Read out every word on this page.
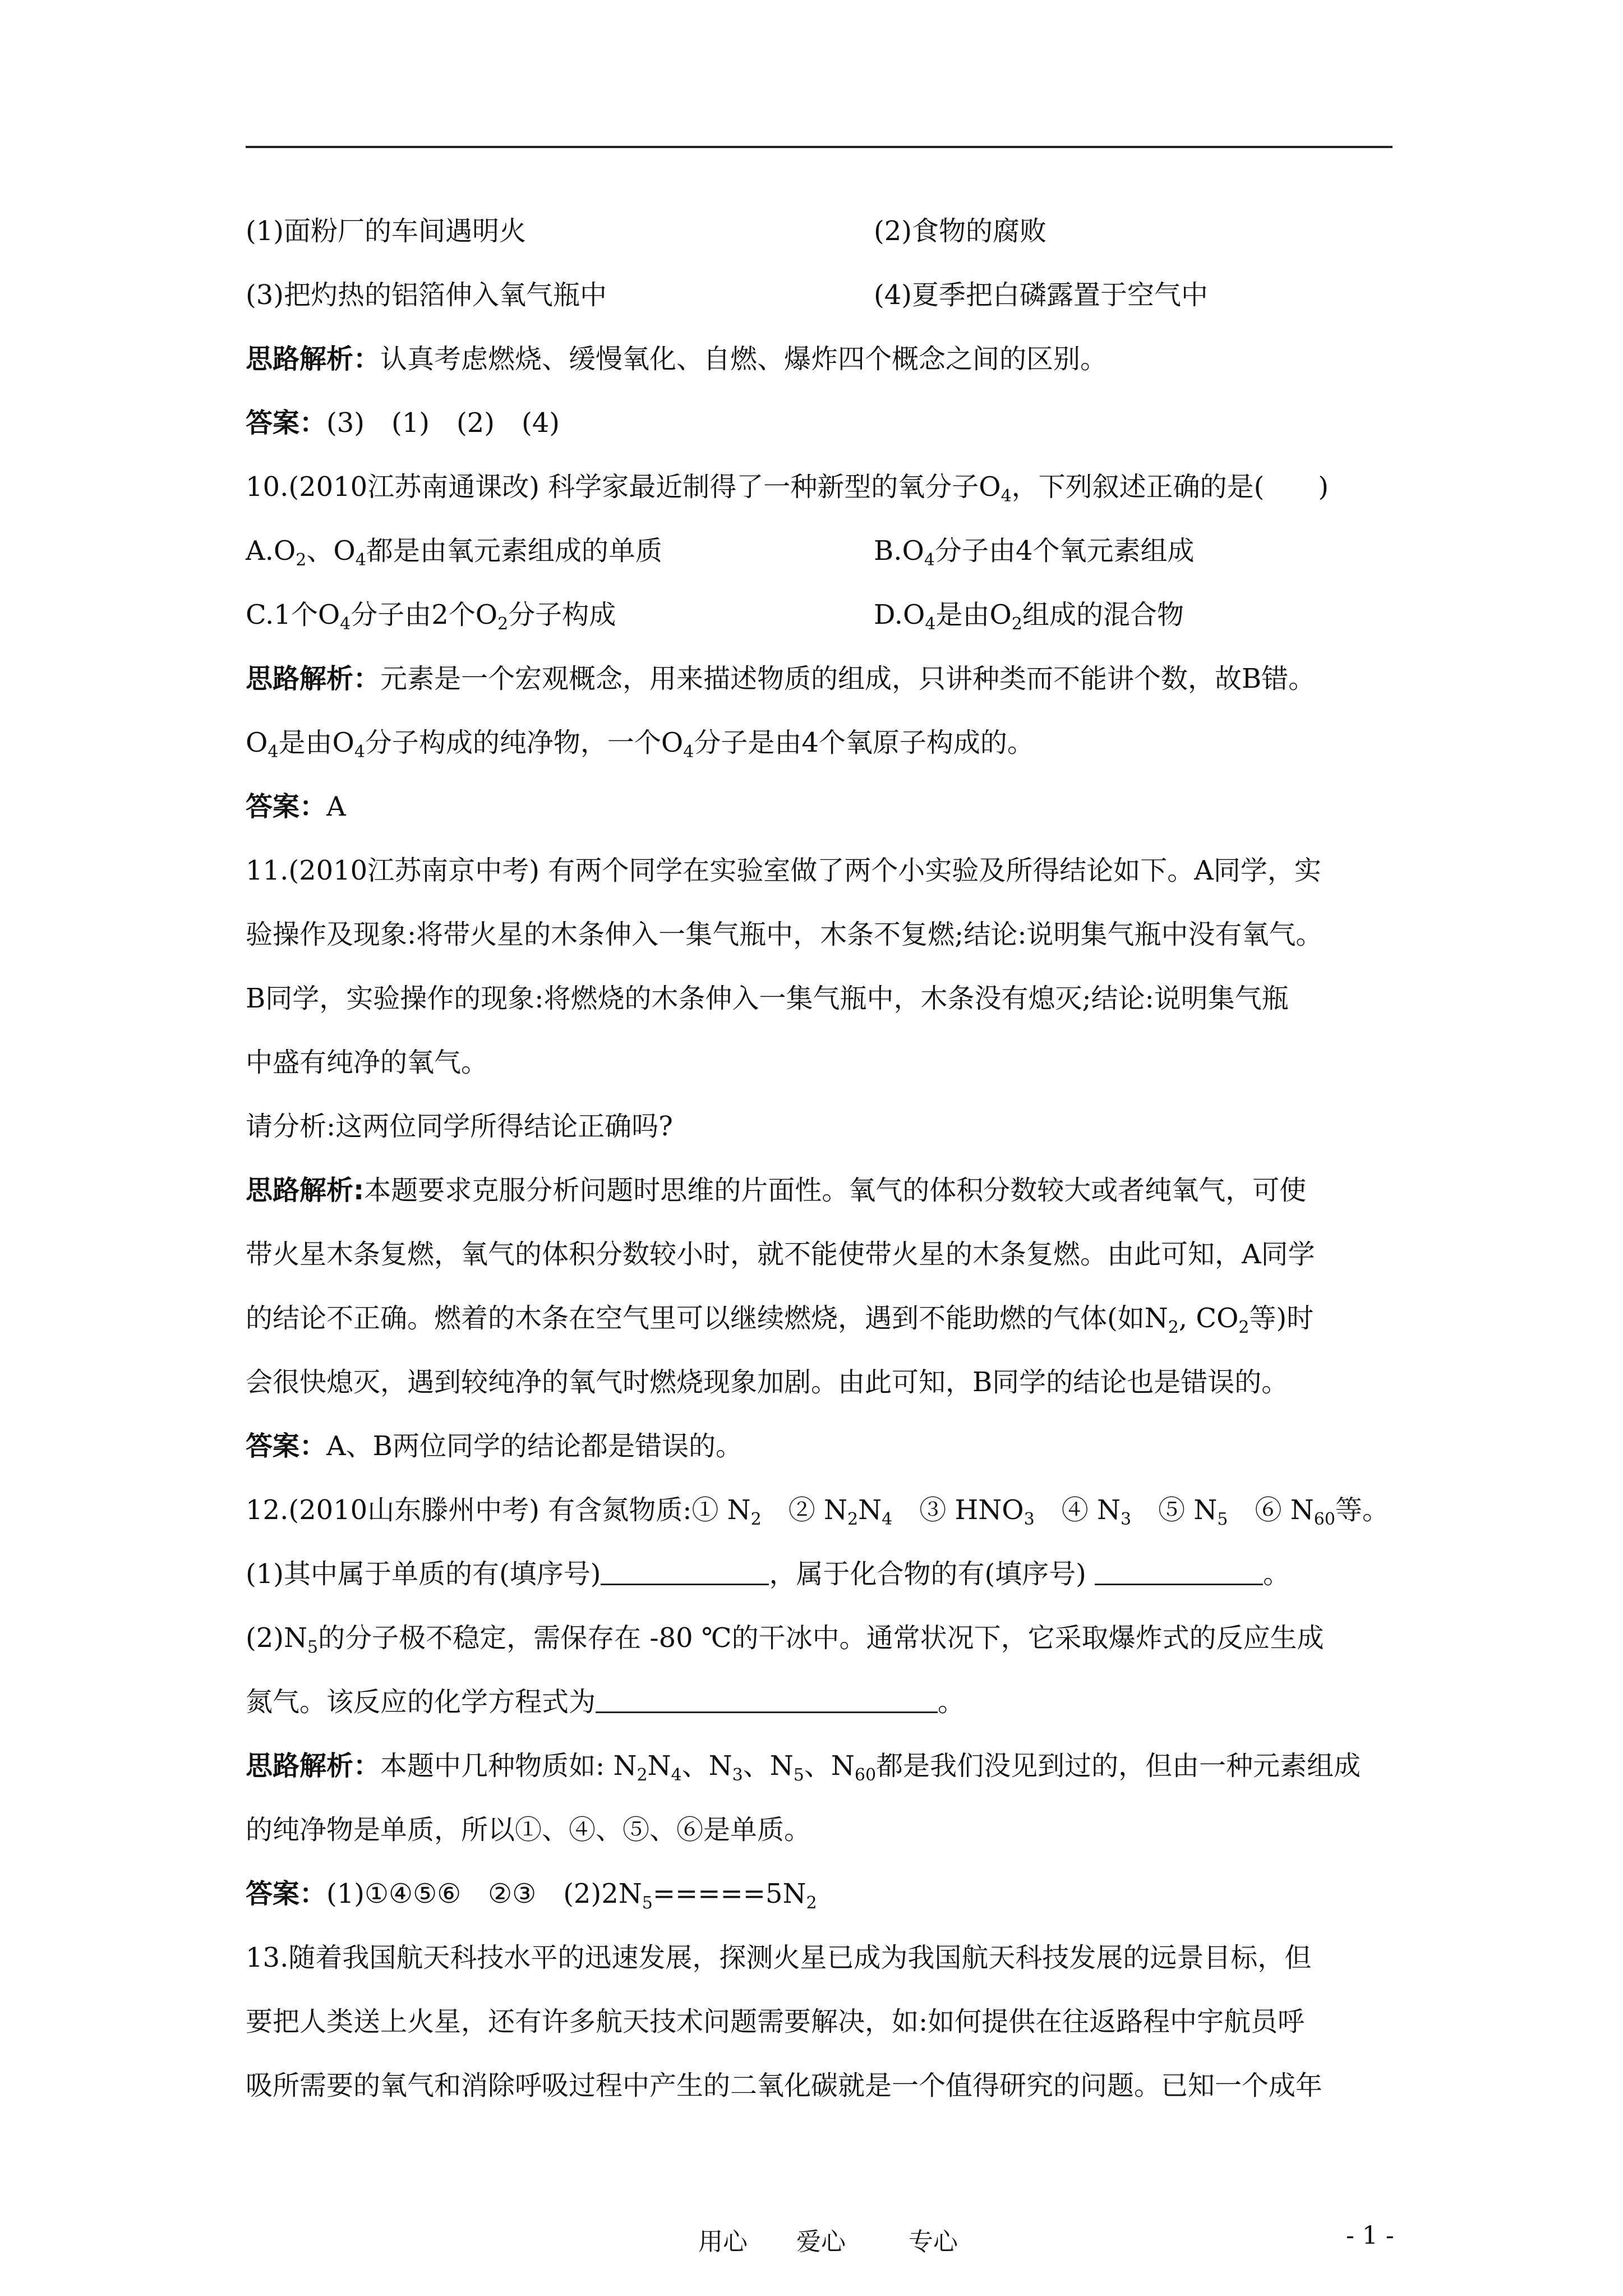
(1)面粉厂的车间遇明火	(2)食物的腐败
(3)把灼热的铝箔伸入氧气瓶中	(4)夏季把白磷露置于空气中
思路解析：认真考虑燃烧、缓慢氧化、自燃、爆炸四个概念之间的区别。
答案：(3)　(1)　(2)　(4)
10.(2010江苏南通课改) 科学家最近制得了一种新型的氧分子$O_4$，下列叙述正确的是(　　)
$A.O_2$、$O_4$都是由氧元素组成的单质	$B.O_4$分子由4个氧元素组成
C.1个$O_4$分子由2个$O_2$分子构成	$D.O_4$是由$O_2$组成的混合物
思路解析：元素是一个宏观概念，用来描述物质的组成，只讲种类而不能讲个数，故B错。
$O_4$是由$O_4$分子构成的纯净物，一个$O_4$分子是由4个氧原子构成的。
答案：A
11.(2010江苏南京中考) 有两个同学在实验室做了两个小实验及所得结论如下。A同学，实
验操作及现象:将带火星的木条伸入一集气瓶中，木条不复燃;结论:说明集气瓶中没有氧气。
B同学，实验操作的现象:将燃烧的木条伸入一集气瓶中，木条没有熄灭;结论:说明集气瓶
中盛有纯净的氧气。
请分析:这两位同学所得结论正确吗?
思路解析:本题要求克服分析问题时思维的片面性。氧气的体积分数较大或者纯氧气，可使
带火星木条复燃，氧气的体积分数较小时，就不能使带火星的木条复燃。由此可知，A同学
的结论不正确。燃着的木条在空气里可以继续燃烧，遇到不能助燃的气体(如$N_2$, $CO_2$等)时
会很快熄灭，遇到较纯净的氧气时燃烧现象加剧。由此可知，B同学的结论也是错误的。
答案：A、B两位同学的结论都是错误的。
12.(2010山东滕州中考) 有含氮物质:① $N_2$　② $N_2N_4$　③ $HNO_3$　④ $N_3$　⑤ $N_5$　⑥ $N_{60}$等。
(1)其中属于单质的有(填序号)	，属于化合物的有(填序号)	。
$(2)N_5$的分子极不稳定，需保存在 -80 ℃的干冰中。通常状况下，它采取爆炸式的反应生成
氮气。该反应的化学方程式为	。
思路解析：本题中几种物质如: $N_2N_4$、$N_3$、$N_5$、$N_{60}$都是我们没见到过的，但由一种元素组成
的纯净物是单质，所以①、④、⑤、⑥是单质。
答案：(1)①④⑤⑥　②③　$(2)2N_5=====5N_2$
13.随着我国航天科技水平的迅速发展，探测火星已成为我国航天科技发展的远景目标，但
要把人类送上火星，还有许多航天技术问题需要解决，如:如何提供在往返路程中宇航员呼
吸所需要的氧气和消除呼吸过程中产生的二氧化碳就是一个值得研究的问题。已知一个成年
用心 爱心	专心	- 1 -
